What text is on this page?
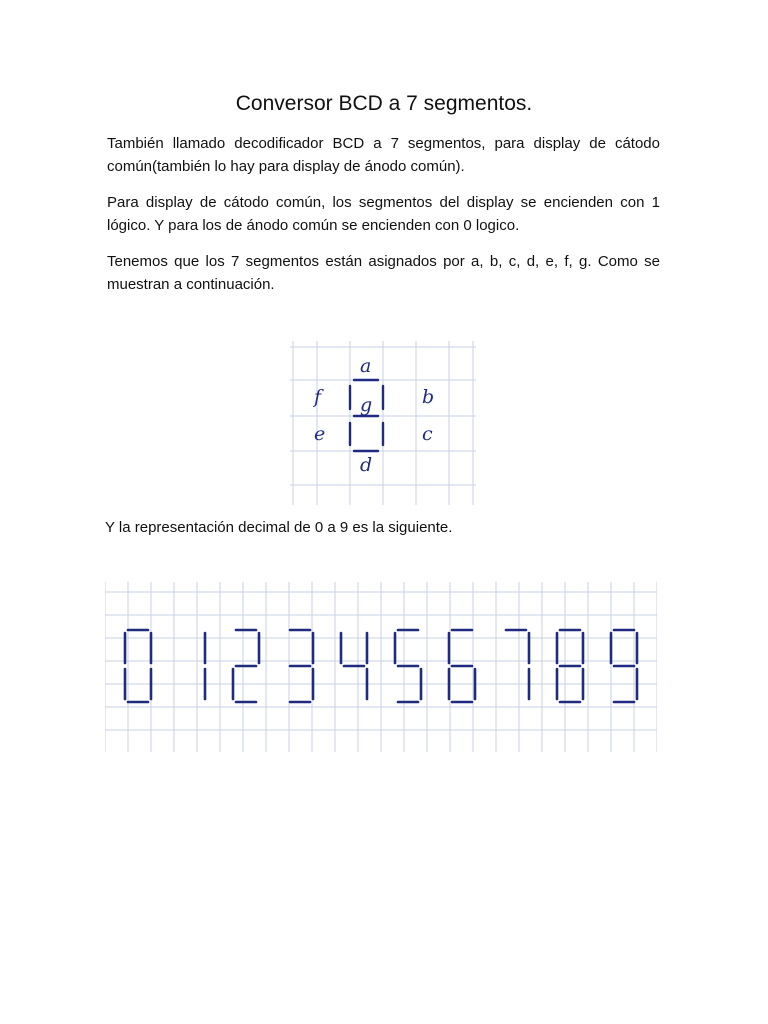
Conversor BCD a 7 segmentos.
También llamado decodificador BCD a 7 segmentos, para display de cátodo común(también lo hay para display de ánodo común).
Para display de cátodo común, los segmentos del display se encienden con 1 lógico. Y para los de ánodo común se encienden con 0 logico.
Tenemos que los 7 segmentos están asignados por a, b, c, d, e, f, g. Como se muestran a continuación.
a
f	b
g
e	c
d
Y la representación decimal de 0 a 9 es la siguiente.
